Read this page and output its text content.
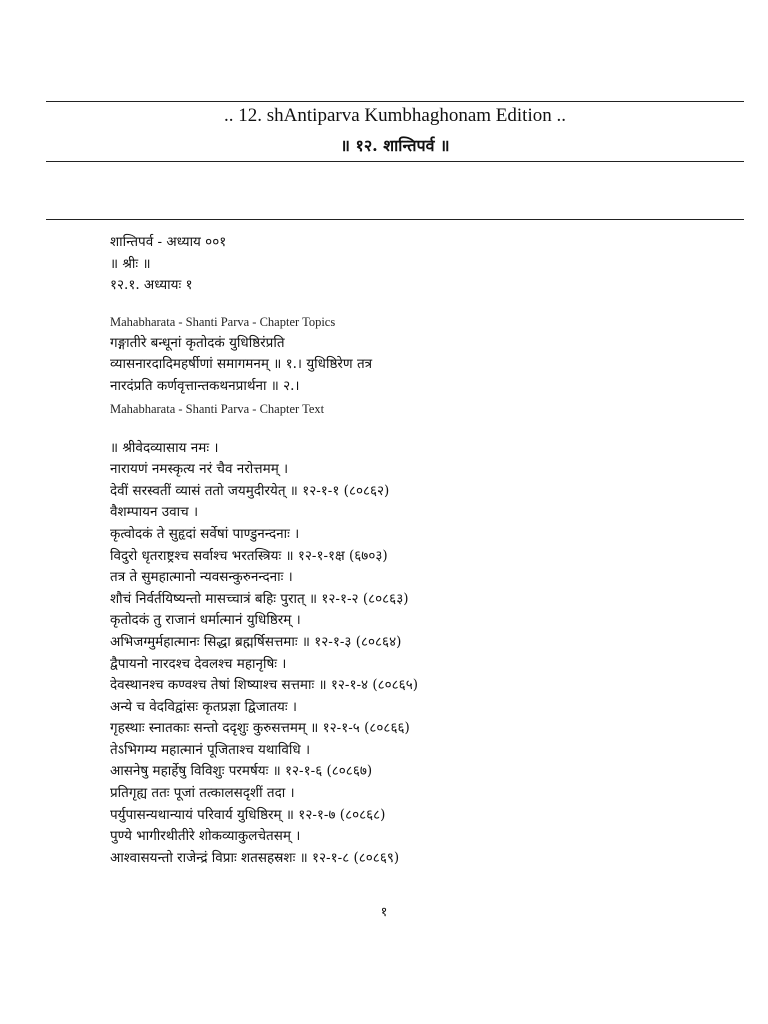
.. 12. shAntiparva Kumbhaghonam Edition ..
॥ १२. शान्तिपर्व ॥
शान्तिपर्व - अध्याय ००१
॥ श्रीः ॥
१२.१. अध्यायः १
Mahabharata - Shanti Parva - Chapter Topics
गङ्गातीरे बन्धूनां कृतोदकं युधिष्ठिरंप्रति
व्यासनारदादिमहर्षीणां समागमनम् ॥ १.। युधिष्ठिरेण तत्र
नारदंप्रति कर्णवृत्तान्तकथनप्रार्थना ॥ २.।
Mahabharata - Shanti Parva - Chapter Text
॥ श्रीवेदव्यासाय नमः ।
नारायणं नमस्कृत्य नरं चैव नरोत्तमम् ।
देवीं सरस्वतीं व्यासं ततो जयमुदीरयेत् ॥ १२-१-१ (८०८६२)
वैशम्पायन उवाच ।
कृत्वोदकं ते सुहृदां सर्वेषां पाण्डुनन्दनाः ।
विदुरो धृतराष्ट्रश्च सर्वाश्च भरतस्त्रियः ॥ १२-१-१क्ष (६७०३)
तत्र ते सुमहात्मानो न्यवसन्कुरुनन्दनाः ।
शौचं निर्वर्तयिष्यन्तो मासच्चात्रं बहिः पुरात् ॥ १२-१-२ (८०८६३)
कृतोदकं तु राजानं धर्मात्मानं युधिष्ठिरम् ।
अभिजग्मुर्महात्मानः सिद्धा ब्रह्मर्षिसत्तमाः ॥ १२-१-३ (८०८६४)
द्वैपायनो नारदश्च देवलश्च महानृषिः ।
देवस्थानश्च कण्वश्च तेषां शिष्याश्च सत्तमाः ॥ १२-१-४ (८०८६५)
अन्ये च वेदविद्वांसः कृतप्रज्ञा द्विजातयः ।
गृहस्थाः स्नातकाः सन्तो ददृशुः कुरुसत्तमम् ॥ १२-१-५ (८०८६६)
तेऽभिगम्य महात्मानं पूजिताश्च यथाविधि ।
आसनेषु महार्हेषु विविशुः परमर्षयः ॥ १२-१-६ (८०८६७)
प्रतिगृह्य ततः पूजां तत्कालसदृशीं तदा ।
पर्युपासन्यथान्यायं परिवार्य युधिष्ठिरम् ॥ १२-१-७ (८०८६८)
पुण्ये भागीरथीतीरे शोकव्याकुलचेतसम् ।
आश्वासयन्तो राजेन्द्रं विप्राः शतसहस्रशः ॥ १२-१-८ (८०८६९)
१
